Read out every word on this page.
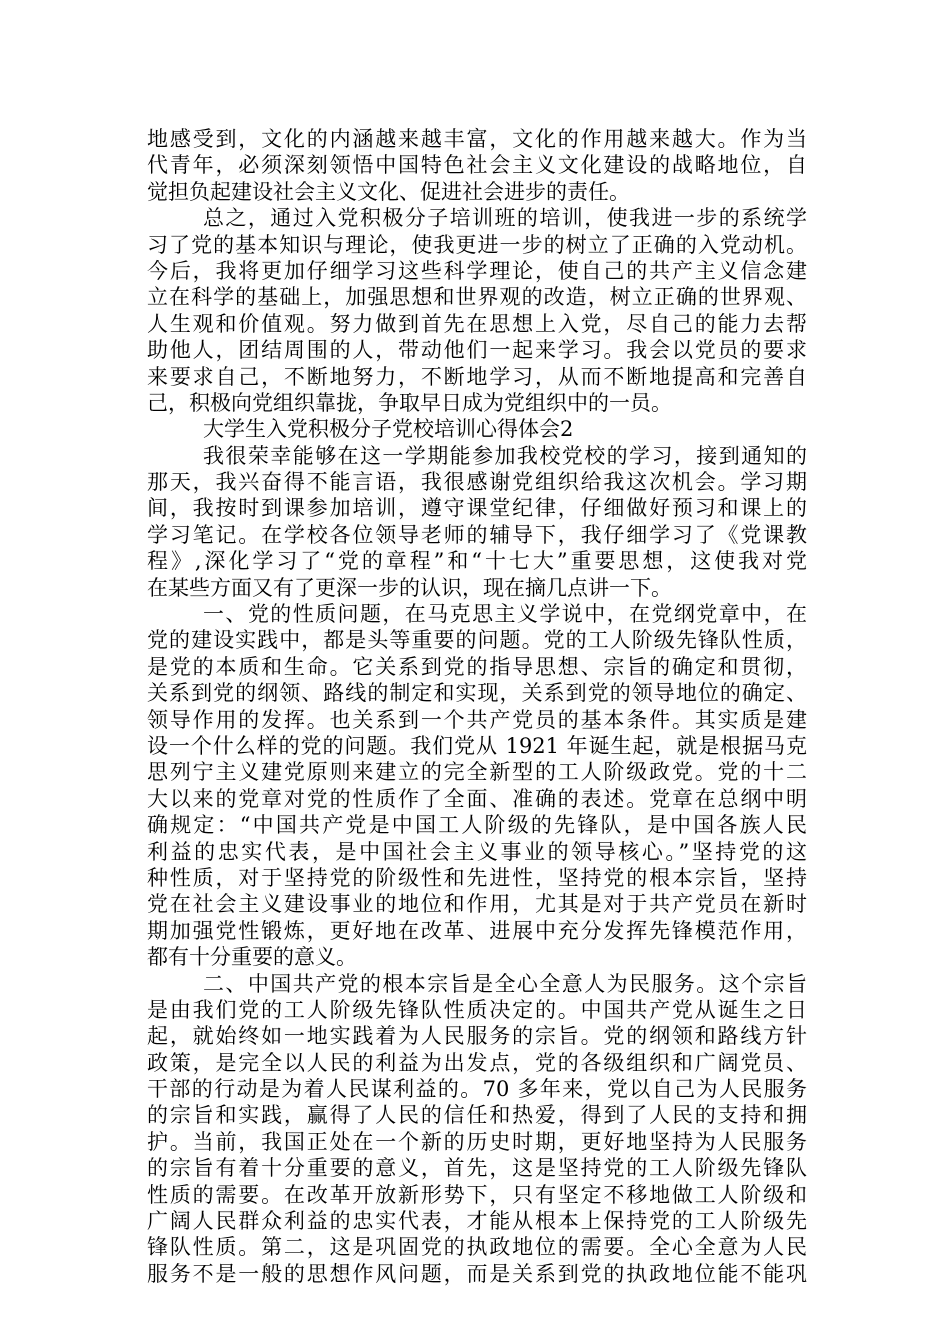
地感受到，文化的内涵越来越丰富，文化的作用越来越大。作为当
代青年，必须深刻领悟中国特色社会主义文化建设的战略地位，自
觉担负起建设社会主义文化、促进社会进步的责任。
总之，通过入党积极分子培训班的培训，使我进一步的系统学
习了党的基本知识与理论，使我更进一步的树立了正确的入党动机。
今后，我将更加仔细学习这些科学理论，使自己的共产主义信念建
立在科学的基础上，加强思想和世界观的改造，树立正确的世界观、
人生观和价值观。努力做到首先在思想上入党，尽自己的能力去帮
助他人，团结周围的人，带动他们一起来学习。我会以党员的要求
来要求自己，不断地努力，不断地学习，从而不断地提高和完善自
己，积极向党组织靠拢，争取早日成为党组织中的一员。
大学生入党积极分子党校培训心得体会2
我很荣幸能够在这一学期能参加我校党校的学习，接到通知的
那天，我兴奋得不能言语，我很感谢党组织给我这次机会。学习期
间，我按时到课参加培训，遵守课堂纪律，仔细做好预习和课上的
学习笔记。在学校各位领导老师的辅导下，我仔细学习了《党课教
程》,深化学习了“党的章程”和“十七大”重要思想，这使我对党
在某些方面又有了更深一步的认识，现在摘几点讲一下。
一、党的性质问题，在马克思主义学说中，在党纲党章中，在
党的建设实践中，都是头等重要的问题。党的工人阶级先锋队性质，
是党的本质和生命。它关系到党的指导思想、宗旨的确定和贯彻，
关系到党的纲领、路线的制定和实现，关系到党的领导地位的确定、
领导作用的发挥。也关系到一个共产党员的基本条件。其实质是建
设一个什么样的党的问题。我们党从 1921 年诞生起，就是根据马克
思列宁主义建党原则来建立的完全新型的工人阶级政党。党的十二
大以来的党章对党的性质作了全面、准确的表述。党章在总纲中明
确规定：“中国共产党是中国工人阶级的先锋队，是中国各族人民
利益的忠实代表，是中国社会主义事业的领导核心。”坚持党的这
种性质，对于坚持党的阶级性和先进性，坚持党的根本宗旨，坚持
党在社会主义建设事业的地位和作用，尤其是对于共产党员在新时
期加强党性锻炼，更好地在改革、进展中充分发挥先锋模范作用，
都有十分重要的意义。
二、中国共产党的根本宗旨是全心全意人为民服务。这个宗旨
是由我们党的工人阶级先锋队性质决定的。中国共产党从诞生之日
起，就始终如一地实践着为人民服务的宗旨。党的纲领和路线方针
政策，是完全以人民的利益为出发点，党的各级组织和广阔党员、
干部的行动是为着人民谋利益的。70 多年来，党以自己为人民服务
的宗旨和实践，赢得了人民的信任和热爱，得到了人民的支持和拥
护。当前，我国正处在一个新的历史时期，更好地坚持为人民服务
的宗旨有着十分重要的意义，首先，这是坚持党的工人阶级先锋队
性质的需要。在改革开放新形势下，只有坚定不移地做工人阶级和
广阔人民群众利益的忠实代表，才能从根本上保持党的工人阶级先
锋队性质。第二，这是巩固党的执政地位的需要。全心全意为人民
服务不是一般的思想作风问题，而是关系到党的执政地位能不能巩
